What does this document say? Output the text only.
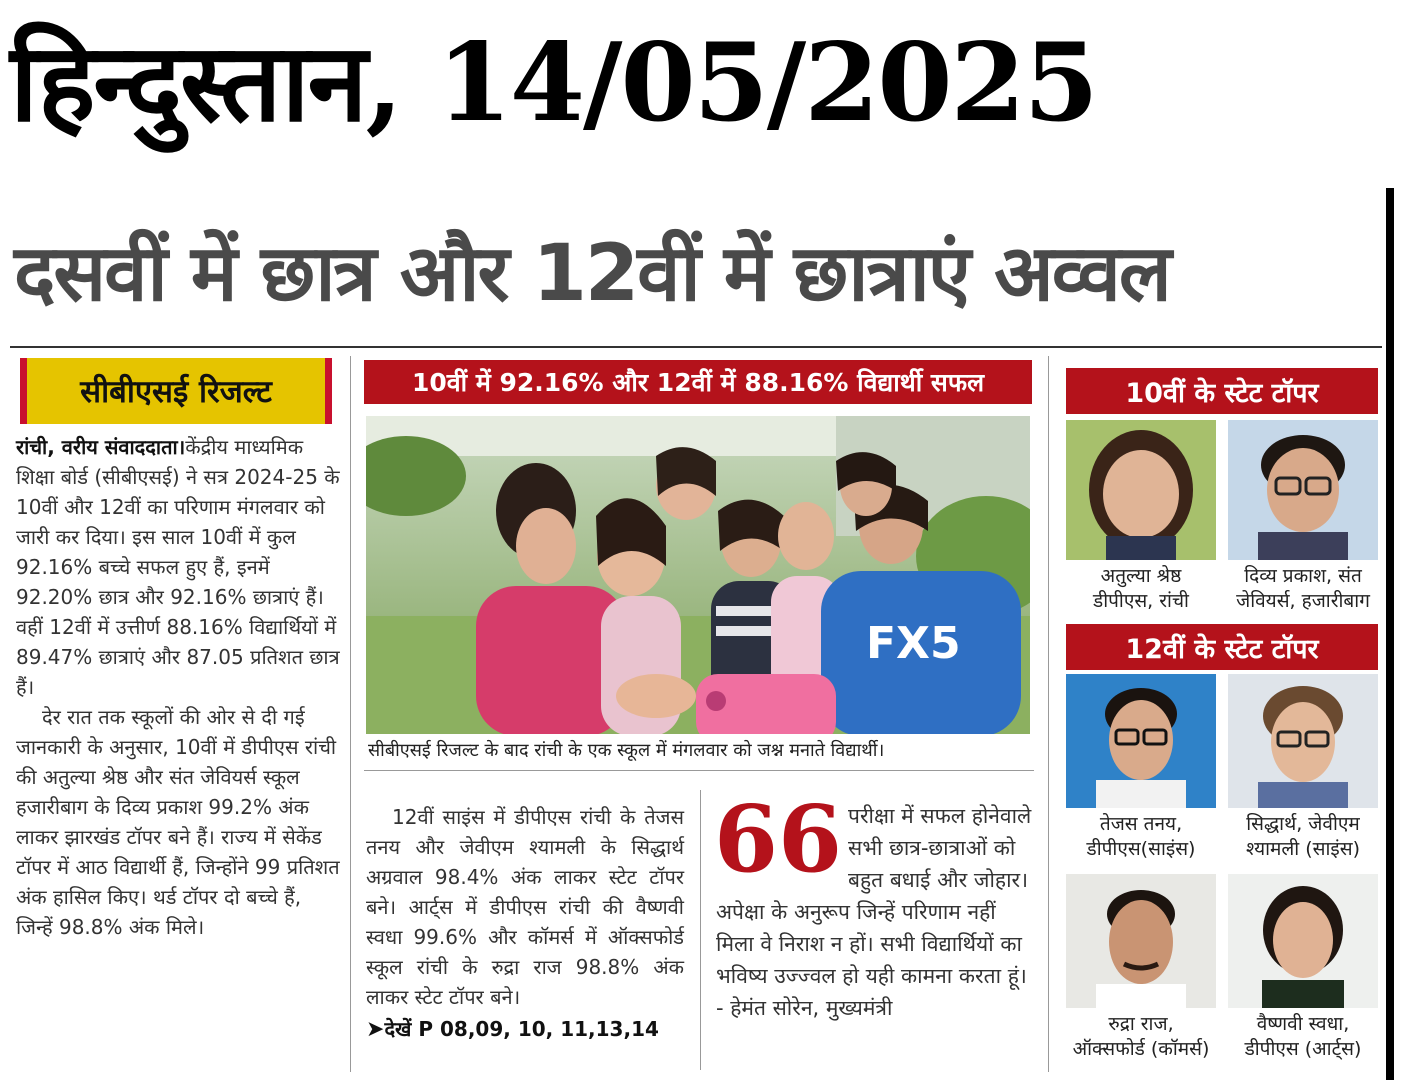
हिन्दुस्तान, 14/05/2025
दसवीं में छात्र और 12वीं में छात्राएं अव्वल
सीबीएसई रिजल्ट

रांची, वरीय संवाददाता।केंद्रीय माध्यमिक शिक्षा बोर्ड (सीबीएसई) ने सत्र 2024-25 के 10वीं और 12वीं का परिणाम मंगलवार को जारी कर दिया। इस साल 10वीं में कुल 92.16% बच्चे सफल हुए हैं, इनमें 92.20% छात्र और 92.16% छात्राएं हैं। वहीं 12वीं में उत्तीर्ण 88.16% विद्यार्थियों में 89.47% छात्राएं और 87.05 प्रतिशत छात्र हैं।

देर रात तक स्कूलों की ओर से दी गई जानकारी के अनुसार, 10वीं में डीपीएस रांची की अतुल्या श्रेष्ठ और संत जेवियर्स स्कूल हजारीबाग के दिव्य प्रकाश 99.2% अंक लाकर झारखंड टॉपर बने हैं। राज्य में सेकेंड टॉपर में आठ विद्यार्थी हैं, जिन्होंने 99 प्रतिशत अंक हासिल किए। थर्ड टॉपर दो बच्चे हैं, जिन्हें 98.8% अंक मिले।

10वीं में 92.16% और 12वीं में 88.16% विद्यार्थी सफल
FX5
सीबीएसई रिजल्ट के बाद रांची के एक स्कूल में मंगलवार को जश्न मनाते विद्यार्थी।

12वीं साइंस में डीपीएस रांची के तेजस तनय और जेवीएम श्यामली के सिद्धार्थ अग्रवाल 98.4% अंक लाकर स्टेट टॉपर बने। आर्ट्स में डीपीएस रांची की वैष्णवी स्वधा 99.6% और कॉमर्स में ऑक्सफोर्ड स्कूल रांची के रुद्रा राज 98.8% अंक लाकर स्टेट टॉपर बने।

➤देखें P 08,09, 10, 11,13,14
66 परीक्षा में सफल होनेवाले सभी छात्र-छात्राओं को बहुत बधाई और जोहार। अपेक्षा के अनुरूप जिन्हें परिणाम नहीं मिला वे निराश न हों। सभी विद्यार्थियों का भविष्य उज्ज्वल हो यही कामना करता हूं। - हेमंत सोरेन, मुख्यमंत्री
10वीं के स्टेट टॉपर
अतुल्या श्रेष्ठ
डीपीएस, रांची
दिव्य प्रकाश, संत
जेवियर्स, हजारीबाग
12वीं के स्टेट टॉपर
तेजस तनय,
डीपीएस(साइंस)
सिद्धार्थ, जेवीएम
श्यामली (साइंस)
रुद्रा राज,
ऑक्सफोर्ड (कॉमर्स)
वैष्णवी स्वधा,
डीपीएस (आर्ट्स)
